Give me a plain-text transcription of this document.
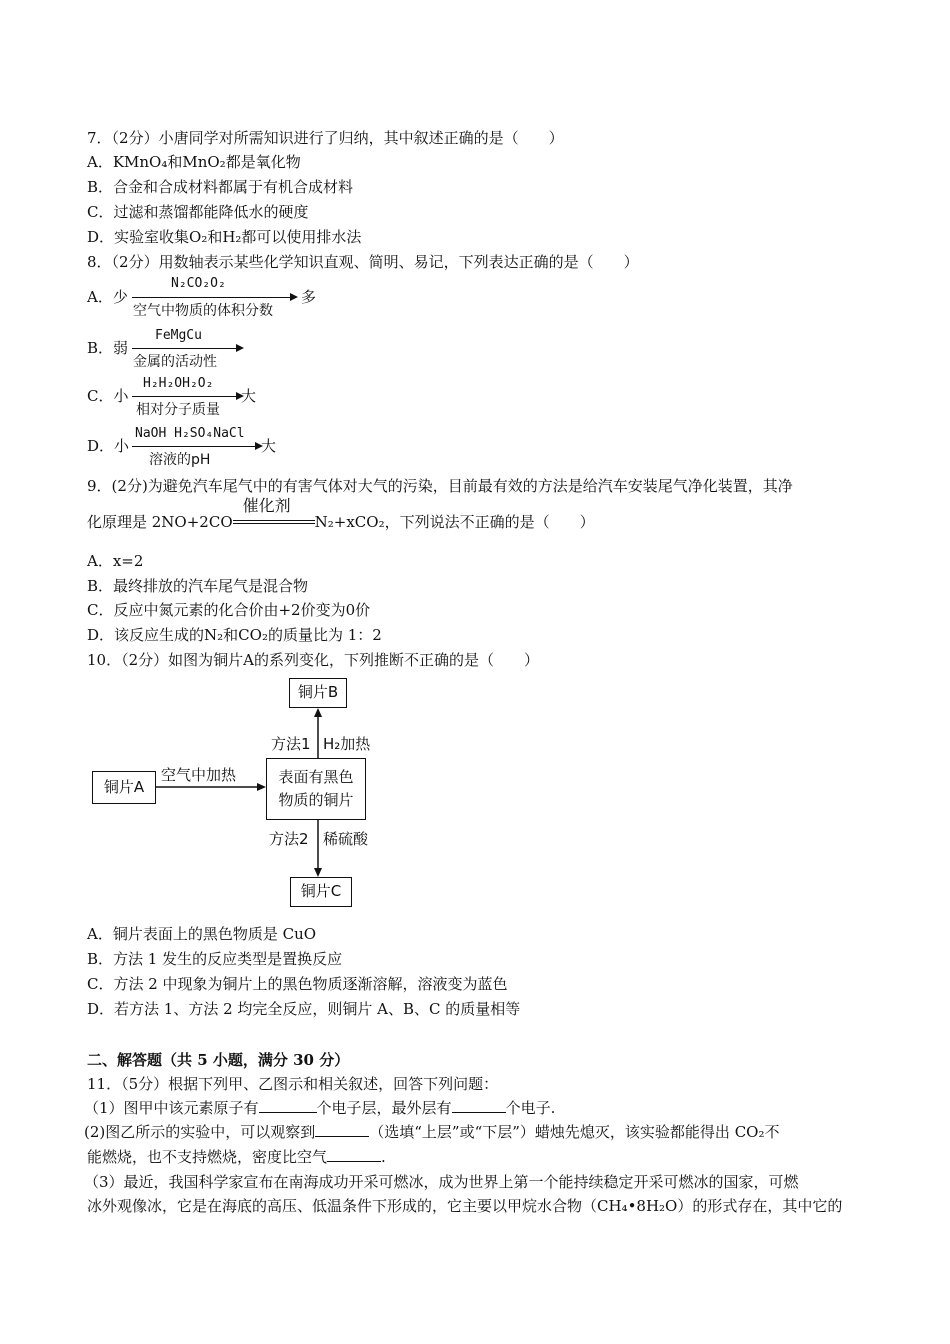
7．（2分）小唐同学对所需知识进行了归纳，其中叙述正确的是（　　）
A．KMnO₄和MnO₂都是氧化物
B．合金和合成材料都属于有机合成材料
C．过滤和蒸馏都能降低水的硬度
D．实验室收集O₂和H₂都可以使用排水法
8．（2分）用数轴表示某些化学知识直观、简明、易记，下列表达正确的是（　　）
A．少
N₂CO₂O₂
空气中物质的体积分数
多
B．弱
FeMgCu
金属的活动性
C．小
H₂H₂OH₂O₂
相对分子质量
大
D．小
NaOH H₂SO₄NaCl
溶液的pH
大
9．(2分)为避免汽车尾气中的有害气体对大气的污染，目前最有效的方法是给汽车安装尾气净化装置，其净
化原理是 2NO+2CO
催化剂
N₂+xCO₂，下列说法不正确的是（　　）
A．x=2
B．最终排放的汽车尾气是混合物
C．反应中氮元素的化合价由+2价变为0价
D．该反应生成的N₂和CO₂的质量比为 1：2
10．（2分）如图为铜片A的系列变化，下列推断不正确的是（　　）
铜片B
铜片A
表面有黑色
物质的铜片
铜片C
空气中加热
方法1 H₂加热
方法2 稀硫酸
A．铜片表面上的黑色物质是 CuO
B．方法 1 发生的反应类型是置换反应
C．方法 2 中现象为铜片上的黑色物质逐渐溶解，溶液变为蓝色
D．若方法 1、方法 2 均完全反应，则铜片 A、B、C 的质量相等
二、解答题（共 5 小题，满分 30 分）
11．（5分）根据下列甲、乙图示和相关叙述，回答下列问题：
（1）图甲中该元素原子有	个电子层，最外层有	个电子.
(2)图乙所示的实验中，可以观察到	（选填“上层”或“下层”）蜡烛先熄灭，该实验都能得出 CO₂不
能燃烧，也不支持燃烧，密度比空气	.
（3）最近，我国科学家宣布在南海成功开采可燃冰，成为世界上第一个能持续稳定开采可燃冰的国家，可燃
冰外观像冰，它是在海底的高压、低温条件下形成的，它主要以甲烷水合物（CH₄•8H₂O）的形式存在，其中它的
